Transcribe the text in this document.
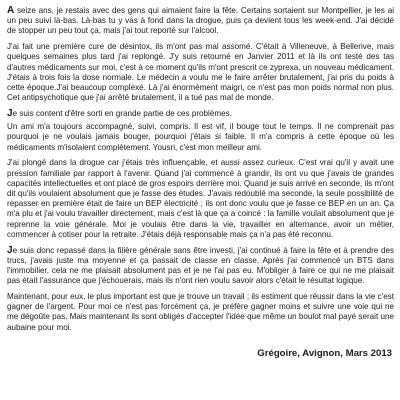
A seize ans, je restais avec des gens qui aimaient faire la fête. Certains sortaient sur Montpellier, je les ai un peu suivi là-bas. Là-bas tu y vas à fond dans la drogue, puis ça devient tous les week-end. J'ai décidé de stopper un peu tout ça, mais j'ai tout reporté sur l'alcool.

J'ai fait une première cure de désintox, ils m'ont pas mal assomé. C'était à Villeneuve, à Bellerive, mais quelques semaines plus tard j'ai replongé. J'y suis retourné en Janvier 2011 et là ils ont testé des tas d'autres médicaments sur moi, c'est à ce moment qu'ils m'ont prescrit ce zyprexa, un nouveau médicament. J'étais à trois fois la dose normale. Le médecin a voulu me le faire arrêter brutalement, j'ai pris du poids à cette époque.J'ai beaucoup complexé. Là j'ai énormément maigri, ce n'est pas mon poids normal non plus. Cet antipsychotique que j'ai arrêté brutalement, il a tué pas mal de monde.

Je suis content d'être sorti en grande partie de ces problèmes.

Un ami m'a toujours accompagné, suivi, compris. Il est vif, il bouge tout le temps. Il ne comprenait pas pourquoi je ne voulais jamais bouger, pourquoi j'étais si faible. Il m'a compris à cette époque où les médicaments m'isolaient complètement. Yousri, c'est mon meilleur ami.

J'ai plongé dans la drogue car j'étais très influençable, et aussi assez curieux. C'est vrai qu'il y avait une pression familiale par rapport à l'avenir. Quand j'ai commencé à grandir, ils ont vu que j'avais de grandes capacités intellectuelles et ont placé de gros espoirs derrière moi. Quand je suis arrivé en seconde, ils m'ont dit qu'ils voulaient absolument que je fasse des études. J'avais redoublé ma seconde, la seule possibilité de repasser en première était de faire un BEP électricité ; ils ont donc voulu que je fasse ce BEP en un an. Ça m'a plu et j'ai voulu travailler directement, mais c'est là que ça a coincé : la famille voulait absolument que je reprenne la voie générale. Moi je voulais être dans la vie, travailler en alternance, avoir un métier, commencer à cotiser pour la retraite. J'étais déjà responsable mais ça n'a pas été reconnu.

Je suis donc repassé dans la filière générale sans être investi, j'ai continué à faire la fête et à prendre des trucs, j'avais juste ma moyenne et ça passait de classe en classe. Après j'ai commencé un BTS dans l'immobilier, cela ne me plaisait absolument pas et je ne l'ai pas eu. M'obliger à faire ce qui ne me plaisait pas était l'assurance que j'échouerais, mais ils n'ont rien voulu savoir alors c'était le résultat logique.

Maintenant, pour eux, le plus important est que je trouve un travail ; ils estiment que réussir dans la vie c'est gagner de l'argent. Pour moi ce n'est pas forcément ça, je préfère gagner moins et suivre une voie qui ne me dégoûte pas. Mais maintenant ils sont obligés d'accepter l'idée que même un boulot mal payé serait une aubaine pour moi.

Grégoire, Avignon, Mars 2013
